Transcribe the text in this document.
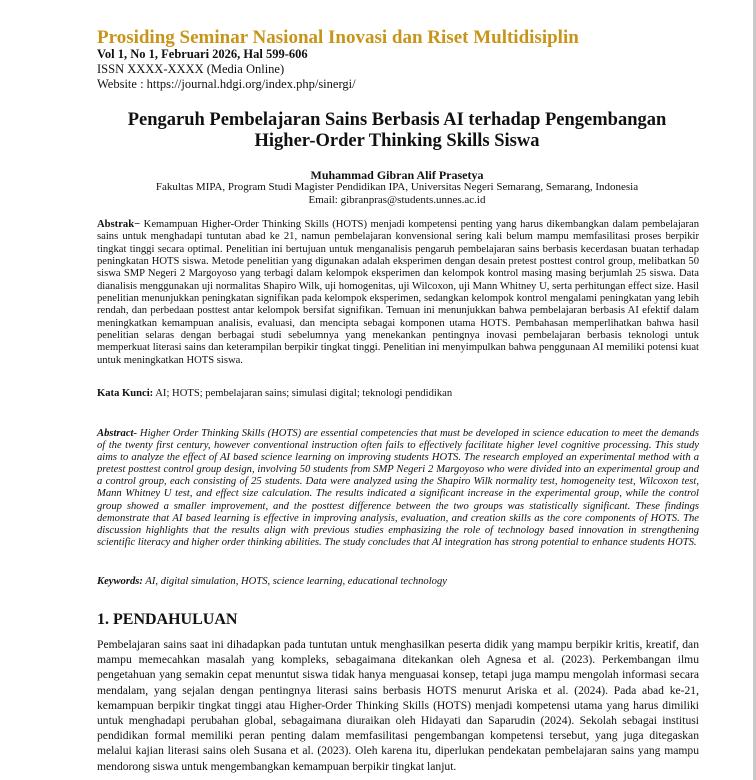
Prosiding Seminar Nasional Inovasi dan Riset Multidisiplin
Vol 1, No 1, Februari 2026, Hal 599-606
ISSN XXXX-XXXX (Media Online)
Website : https://journal.hdgi.org/index.php/sinergi/
Pengaruh Pembelajaran Sains Berbasis AI terhadap Pengembangan
Higher-Order Thinking Skills Siswa
Muhammad Gibran Alif Prasetya
Fakultas MIPA, Program Studi Magister Pendidikan IPA, Universitas Negeri Semarang, Semarang, Indonesia
Email: gibranpras@students.unnes.ac.id
Abstrak− Kemampuan Higher-Order Thinking Skills (HOTS) menjadi kompetensi penting yang harus dikembangkan dalam pembelajaran sains untuk menghadapi tuntutan abad ke 21, namun pembelajaran konvensional sering kali belum mampu memfasilitasi proses berpikir tingkat tinggi secara optimal. Penelitian ini bertujuan untuk menganalisis pengaruh pembelajaran sains berbasis kecerdasan buatan terhadap peningkatan HOTS siswa. Metode penelitian yang digunakan adalah eksperimen dengan desain pretest posttest control group, melibatkan 50 siswa SMP Negeri 2 Margoyoso yang terbagi dalam kelompok eksperimen dan kelompok kontrol masing masing berjumlah 25 siswa. Data dianalisis menggunakan uji normalitas Shapiro Wilk, uji homogenitas, uji Wilcoxon, uji Mann Whitney U, serta perhitungan effect size. Hasil penelitian menunjukkan peningkatan signifikan pada kelompok eksperimen, sedangkan kelompok kontrol mengalami peningkatan yang lebih rendah, dan perbedaan posttest antar kelompok bersifat signifikan. Temuan ini menunjukkan bahwa pembelajaran berbasis AI efektif dalam meningkatkan kemampuan analisis, evaluasi, dan mencipta sebagai komponen utama HOTS. Pembahasan memperlihatkan bahwa hasil penelitian selaras dengan berbagai studi sebelumnya yang menekankan pentingnya inovasi pembelajaran berbasis teknologi untuk memperkuat literasi sains dan keterampilan berpikir tingkat tinggi. Penelitian ini menyimpulkan bahwa penggunaan AI memiliki potensi kuat untuk meningkatkan HOTS siswa.
Kata Kunci: AI; HOTS; pembelajaran sains; simulasi digital; teknologi pendidikan
Abstract- Higher Order Thinking Skills (HOTS) are essential competencies that must be developed in science education to meet the demands of the twenty first century, however conventional instruction often fails to effectively facilitate higher level cognitive processing. This study aims to analyze the effect of AI based science learning on improving students HOTS. The research employed an experimental method with a pretest posttest control group design, involving 50 students from SMP Negeri 2 Margoyoso who were divided into an experimental group and a control group, each consisting of 25 students. Data were analyzed using the Shapiro Wilk normality test, homogeneity test, Wilcoxon test, Mann Whitney U test, and effect size calculation. The results indicated a significant increase in the experimental group, while the control group showed a smaller improvement, and the posttest difference between the two groups was statistically significant. These findings demonstrate that AI based learning is effective in improving analysis, evaluation, and creation skills as the core components of HOTS. The discussion highlights that the results align with previous studies emphasizing the role of technology based innovation in strengthening scientific literacy and higher order thinking abilities. The study concludes that AI integration has strong potential to enhance students HOTS.
Keywords: AI, digital simulation, HOTS, science learning, educational technology
1. PENDAHULUAN
Pembelajaran sains saat ini dihadapkan pada tuntutan untuk menghasilkan peserta didik yang mampu berpikir kritis, kreatif, dan mampu memecahkan masalah yang kompleks, sebagaimana ditekankan oleh Agnesa et al. (2023). Perkembangan ilmu pengetahuan yang semakin cepat menuntut siswa tidak hanya menguasai konsep, tetapi juga mampu mengolah informasi secara mendalam, yang sejalan dengan pentingnya literasi sains berbasis HOTS menurut Ariska et al. (2024). Pada abad ke-21, kemampuan berpikir tingkat tinggi atau Higher-Order Thinking Skills (HOTS) menjadi kompetensi utama yang harus dimiliki untuk menghadapi perubahan global, sebagaimana diuraikan oleh Hidayati dan Saparudin (2024). Sekolah sebagai institusi pendidikan formal memiliki peran penting dalam memfasilitasi pengembangan kompetensi tersebut, yang juga ditegaskan melalui kajian literasi sains oleh Susana et al. (2023). Oleh karena itu, diperlukan pendekatan pembelajaran sains yang mampu mendorong siswa untuk mengembangkan kemampuan berpikir tingkat lanjut.
